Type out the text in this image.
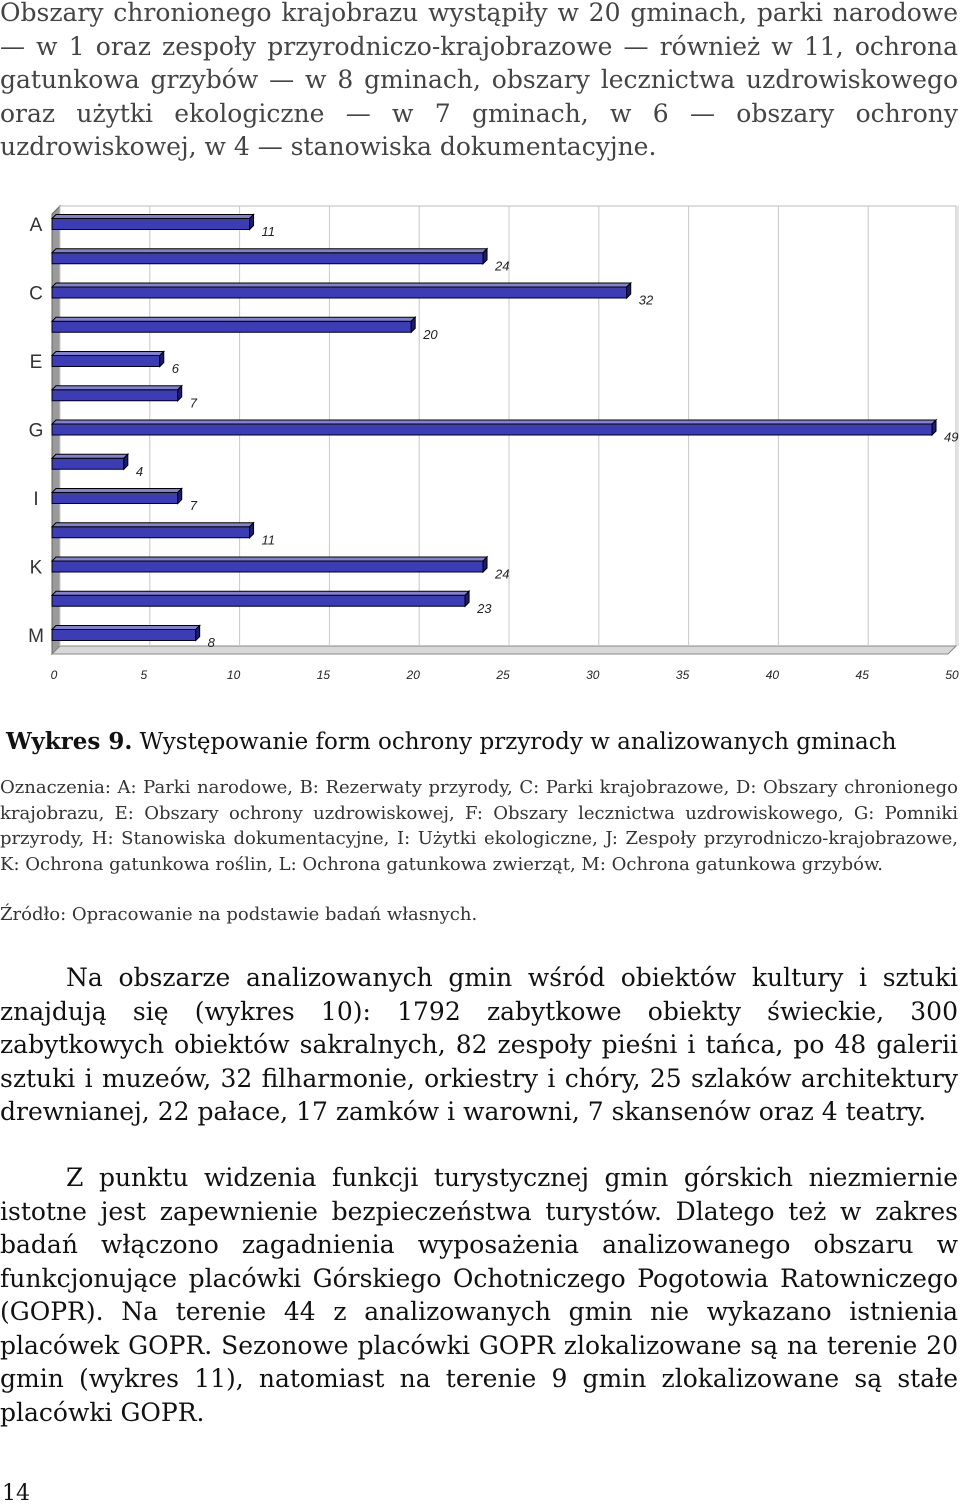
Obszary chronionego krajobrazu wystąpiły w 20 gminach, parki narodowe — w 1 oraz zespoły przyrodniczo-krajobrazowe — również w 11, ochrona gatunkowa grzybów — w 8 gminach, obszary lecznictwa uzdrowiskowego oraz użytki ekologiczne — w 7 gminach, w 6 — obszary ochrony uzdrowiskowej, w 4 — stanowiska dokumentacyjne.

11
24
32
20
6
7
49
4
7
11
24
23
8
A
C
E
G
I
K
M
0	5	10	15	20	25	30	35	40	45	50

Wykres 9. Występowanie form ochrony przyrody w analizowanych gminach

Oznaczenia: A: Parki narodowe, B: Rezerwaty przyrody, C: Parki krajobrazowe, D: Obszary chronionego krajobrazu, E: Obszary ochrony uzdrowiskowej, F: Obszary lecznictwa uzdrowiskowego, G: Pomniki przyrody, H: Stanowiska dokumentacyjne, I: Użytki ekologiczne, J: Zespoły przyrodniczo-krajobrazowe, K: Ochrona gatunkowa roślin, L: Ochrona gatunkowa zwierząt, M: Ochrona gatunkowa grzybów.

Źródło: Opracowanie na podstawie badań własnych.

Na obszarze analizowanych gmin wśród obiektów kultury i sztuki znajdują się (wykres 10): 1792 zabytkowe obiekty świeckie, 300 zabytkowych obiektów sakralnych, 82 zespoły pieśni i tańca, po 48 galerii sztuki i muzeów, 32 filharmonie, orkiestry i chóry, 25 szlaków architektury drewnianej, 22 pałace, 17 zamków i warowni, 7 skansenów oraz 4 teatry.

Z punktu widzenia funkcji turystycznej gmin górskich niezmiernie istotne jest zapewnienie bezpieczeństwa turystów. Dlatego też w zakres badań włączono zagadnienia wyposażenia analizowanego obszaru w funkcjonujące placówki Górskiego Ochotniczego Pogotowia Ratowniczego (GOPR). Na terenie 44 z analizowanych gmin nie wykazano istnienia placówek GOPR. Sezonowe placówki GOPR zlokalizowane są na terenie 20 gmin (wykres 11), natomiast na terenie 9 gmin zlokalizowane są stałe placówki GOPR.

14
